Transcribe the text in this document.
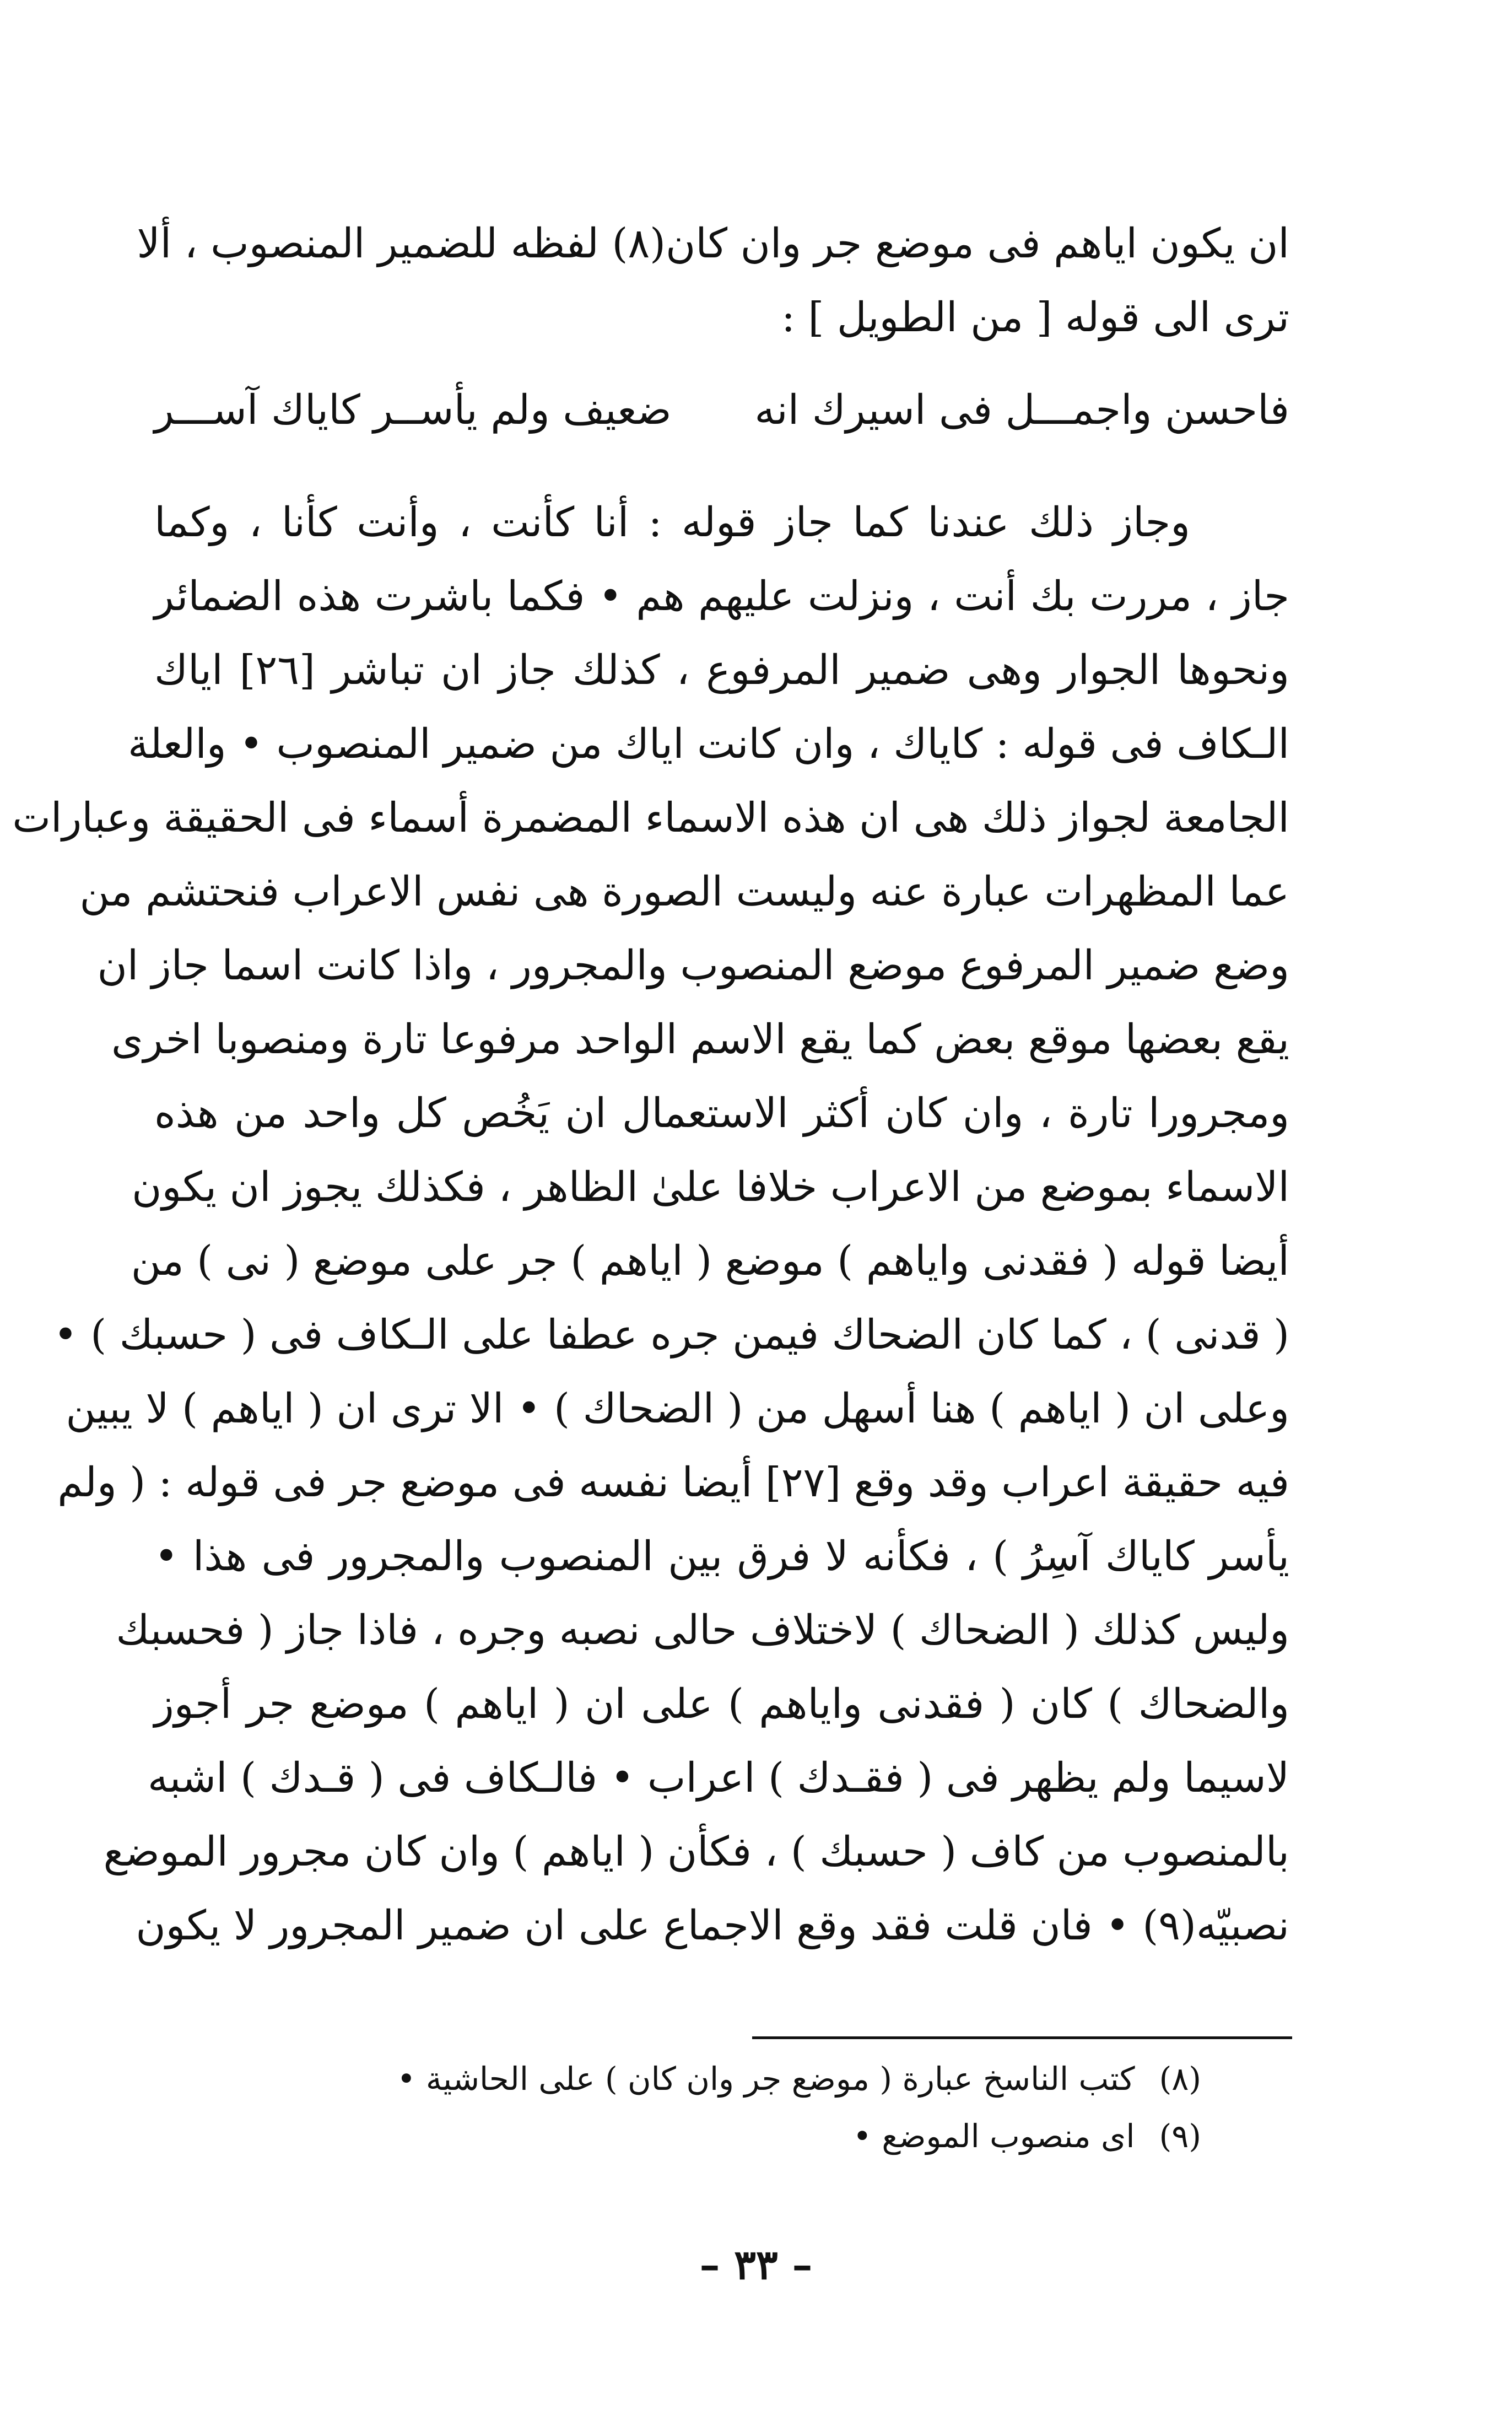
ان يكون اياهم فى موضع جر وان كان(٨) لفظه للضمير المنصوب ، ألا
ترى الى قوله [ من الطويل ] :
فاحسن واجمـــل فى اسيرك انه
ضعيف ولم يأســر كاياك آســـر
وجاز ذلك عندنا كما جاز قوله : أنا كأنت ، وأنت كأنا ، وكما
جاز ، مررت بك أنت ، ونزلت عليهم هم • فكما باشرت هذه الضمائر
ونحوها الجوار وهى ضمير المرفوع ، كذلك جاز ان تباشر [٢٦] اياك
الـكاف فى قوله : كاياك ، وان كانت اياك من ضمير المنصوب • والعلة
الجامعة لجواز ذلك هى ان هذه الاسماء المضمرة أسماء فى الحقيقة وعبارات
عما المظهرات عبارة عنه وليست الصورة هى نفس الاعراب فنحتشم من
وضع ضمير المرفوع موضع المنصوب والمجرور ، واذا كانت اسما جاز ان
يقع بعضها موقع بعض كما يقع الاسم الواحد مرفوعا تارة ومنصوبا اخرى
ومجرورا تارة ، وان كان أكثر الاستعمال ان يَخُص كل واحد من هذه
الاسماء بموضع من الاعراب خلافا علىٰ الظاهر ، فكذلك يجوز ان يكون
أيضا قوله ( فقدنى واياهم ) موضع ( اياهم ) جر على موضع ( نى ) من
( قدنى ) ، كما كان الضحاك فيمن جره عطفا على الـكاف فى ( حسبك ) •
وعلى ان ( اياهم ) هنا أسهل من ( الضحاك ) • الا ترى ان ( اياهم ) لا يبين
فيه حقيقة اعراب وقد وقع [٢٧] أيضا نفسه فى موضع جر فى قوله : ( ولم
يأسر كاياك آسِرُ ) ، فكأنه لا فرق بين المنصوب والمجرور فى هذا •
وليس كذلك ( الضحاك ) لاختلاف حالى نصبه وجره ، فاذا جاز ( فحسبك
والضحاك ) كان ( فقدنى واياهم ) على ان ( اياهم ) موضع جر أجوز
لاسيما ولم يظهر فى ( فقـدك ) اعراب • فالـكاف فى ( قـدك ) اشبه
بالمنصوب من كاف ( حسبك ) ، فكأن ( اياهم ) وان كان مجرور الموضع
نصبيّه(٩) • فان قلت فقد وقع الاجماع على ان ضمير المجرور لا يكون
(٨)كتب الناسخ عبارة ( موضع جر وان كان ) على الحاشية •
(٩)اى منصوب الموضع •
– ٣٣ –
